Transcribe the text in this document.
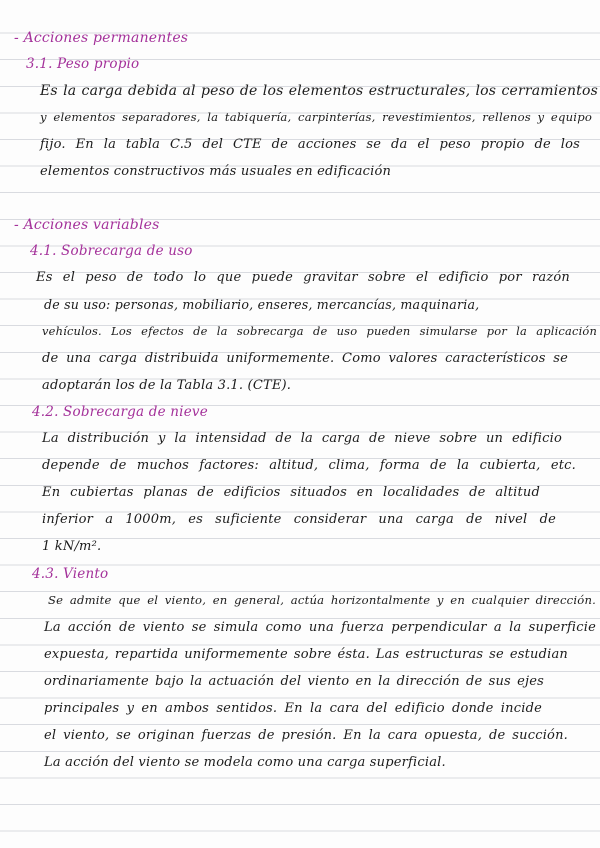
- Acciones permanentes
3.1. Peso propio
Es la carga debida al peso de los elementos estructurales, los cerramientos
y elementos separadores, la tabiquería, carpinterías, revestimientos, rellenos y equipo
fijo. En la tabla C.5 del CTE de acciones se da el peso propio de los
elementos constructivos más usuales en edificación
- Acciones variables
4.1. Sobrecarga de uso
Es el peso de todo lo que puede gravitar sobre el edificio por razón
de su uso: personas, mobiliario, enseres, mercancías, maquinaria,
vehículos. Los efectos de la sobrecarga de uso pueden simularse por la aplicación
de una carga distribuida uniformemente. Como valores característicos se
adoptarán los de la Tabla 3.1. (CTE).
4.2. Sobrecarga de nieve
La distribución y la intensidad de la carga de nieve sobre un edificio
depende de muchos factores: altitud, clima, forma de la cubierta, etc.
En cubiertas planas de edificios situados en localidades de altitud
inferior a 1000m, es suficiente considerar una carga de nivel de
1 kN/m².
4.3. Viento
Se admite que el viento, en general, actúa horizontalmente y en cualquier dirección.
La acción de viento se simula como una fuerza perpendicular a la superficie
expuesta, repartida uniformemente sobre ésta. Las estructuras se estudian
ordinariamente bajo la actuación del viento en la dirección de sus ejes
principales y en ambos sentidos. En la cara del edificio donde incide
el viento, se originan fuerzas de presión. En la cara opuesta, de succión.
La acción del viento se modela como una carga superficial.
